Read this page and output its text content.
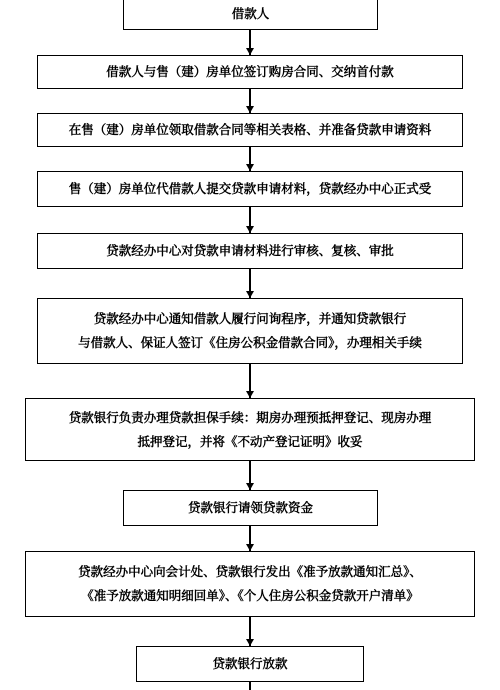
借款人
借款人与售（建）房单位签订购房合同、交纳首付款
在售（建）房单位领取借款合同等相关表格、并准备贷款申请资料
售（建）房单位代借款人提交贷款申请材料，贷款经办中心正式受
贷款经办中心对贷款申请材料进行审核、复核、审批
贷款经办中心通知借款人履行问询程序，并通知贷款银行
与借款人、保证人签订《住房公积金借款合同》，办理相关手续
贷款银行负责办理贷款担保手续：期房办理预抵押登记、现房办理
抵押登记，并将《不动产登记证明》收妥
贷款银行请领贷款资金
贷款经办中心向会计处、贷款银行发出《准予放款通知汇总》、
《准予放款通知明细回单》、《个人住房公积金贷款开户清单》
贷款银行放款
